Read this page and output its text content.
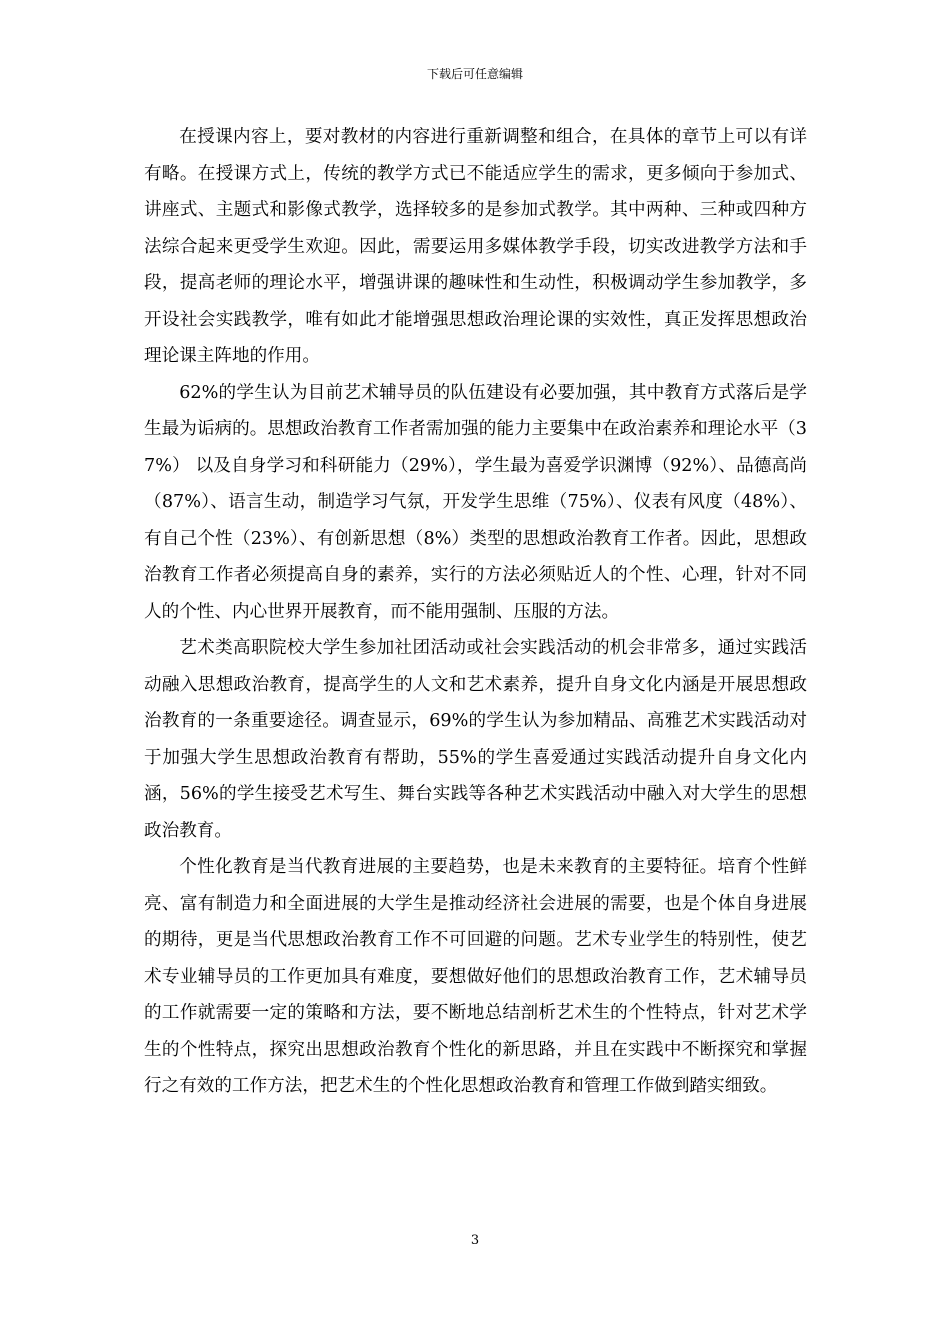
下载后可任意编辑

在授课内容上，要对教材的内容进行重新调整和组合，在具体的章节上可以有详有略。在授课方式上，传统的教学方式已不能适应学生的需求，更多倾向于参加式、讲座式、主题式和影像式教学，选择较多的是参加式教学。其中两种、三种或四种方法综合起来更受学生欢迎。因此，需要运用多媒体教学手段，切实改进教学方法和手段，提高老师的理论水平，增强讲课的趣味性和生动性，积极调动学生参加教学，多开设社会实践教学，唯有如此才能增强思想政治理论课的实效性，真正发挥思想政治理论课主阵地的作用。

62%的学生认为目前艺术辅导员的队伍建设有必要加强，其中教育方式落后是学生最为诟病的。思想政治教育工作者需加强的能力主要集中在政治素养和理论水平（37%） 以及自身学习和科研能力（29%），学生最为喜爱学识渊博（92%）、品德高尚（87%）、语言生动，制造学习气氛，开发学生思维（75%）、仪表有风度（48%）、有自己个性（23%）、有创新思想（8%）类型的思想政治教育工作者。因此，思想政治教育工作者必须提高自身的素养，实行的方法必须贴近人的个性、心理，针对不同人的个性、内心世界开展教育，而不能用强制、压服的方法。

艺术类高职院校大学生参加社团活动或社会实践活动的机会非常多，通过实践活动融入思想政治教育，提高学生的人文和艺术素养，提升自身文化内涵是开展思想政治教育的一条重要途径。调查显示，69%的学生认为参加精品、高雅艺术实践活动对于加强大学生思想政治教育有帮助，55%的学生喜爱通过实践活动提升自身文化内涵，56%的学生接受艺术写生、舞台实践等各种艺术实践活动中融入对大学生的思想政治教育。

个性化教育是当代教育进展的主要趋势，也是未来教育的主要特征。培育个性鲜亮、富有制造力和全面进展的大学生是推动经济社会进展的需要，也是个体自身进展的期待，更是当代思想政治教育工作不可回避的问题。艺术专业学生的特别性，使艺术专业辅导员的工作更加具有难度，要想做好他们的思想政治教育工作，艺术辅导员的工作就需要一定的策略和方法，要不断地总结剖析艺术生的个性特点，针对艺术学生的个性特点，探究出思想政治教育个性化的新思路，并且在实践中不断探究和掌握行之有效的工作方法，把艺术生的个性化思想政治教育和管理工作做到踏实细致。

3
